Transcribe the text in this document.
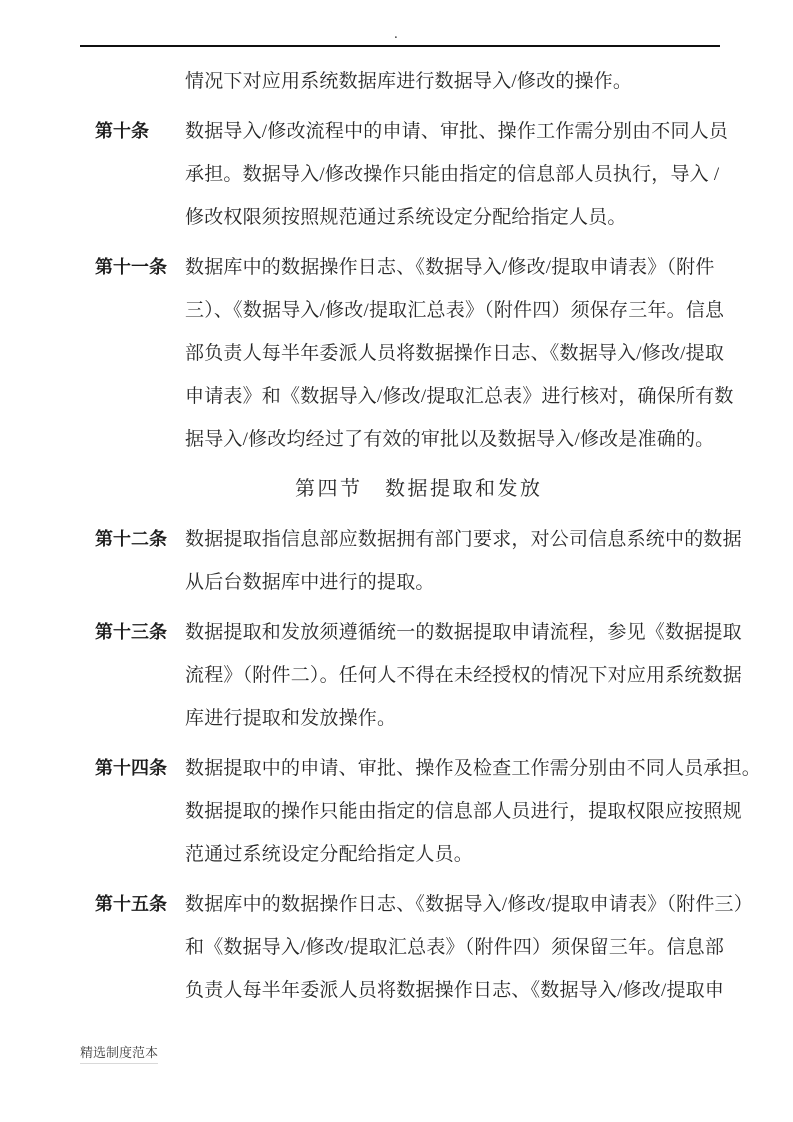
.
情况下对应用系统数据库进行数据导入/修改的操作。
第十条 数据导入/修改流程中的申请、审批、操作工作需分别由不同人员
承担。数据导入/修改操作只能由指定的信息部人员执行，导入 /
修改权限须按照规范通过系统设定分配给指定人员。
第十一条 数据库中的数据操作日志、《数据导入/修改/提取申请表》（附件
三）、《数据导入/修改/提取汇总表》（附件四）须保存三年。信息
部负责人每半年委派人员将数据操作日志、《数据导入/修改/提取
申请表》和《数据导入/修改/提取汇总表》进行核对，确保所有数
据导入/修改均经过了有效的审批以及数据导入/修改是准确的。
第四节　数据提取和发放
第十二条 数据提取指信息部应数据拥有部门要求，对公司信息系统中的数据
从后台数据库中进行的提取。
第十三条 数据提取和发放须遵循统一的数据提取申请流程，参见《数据提取
流程》（附件二）。任何人不得在未经授权的情况下对应用系统数据
库进行提取和发放操作。
第十四条 数据提取中的申请、审批、操作及检查工作需分别由不同人员承担。
数据提取的操作只能由指定的信息部人员进行，提取权限应按照规
范通过系统设定分配给指定人员。
第十五条 数据库中的数据操作日志、《数据导入/修改/提取申请表》（附件三）
和《数据导入/修改/提取汇总表》（附件四）须保留三年。信息部
负责人每半年委派人员将数据操作日志、《数据导入/修改/提取申
精选制度范本
